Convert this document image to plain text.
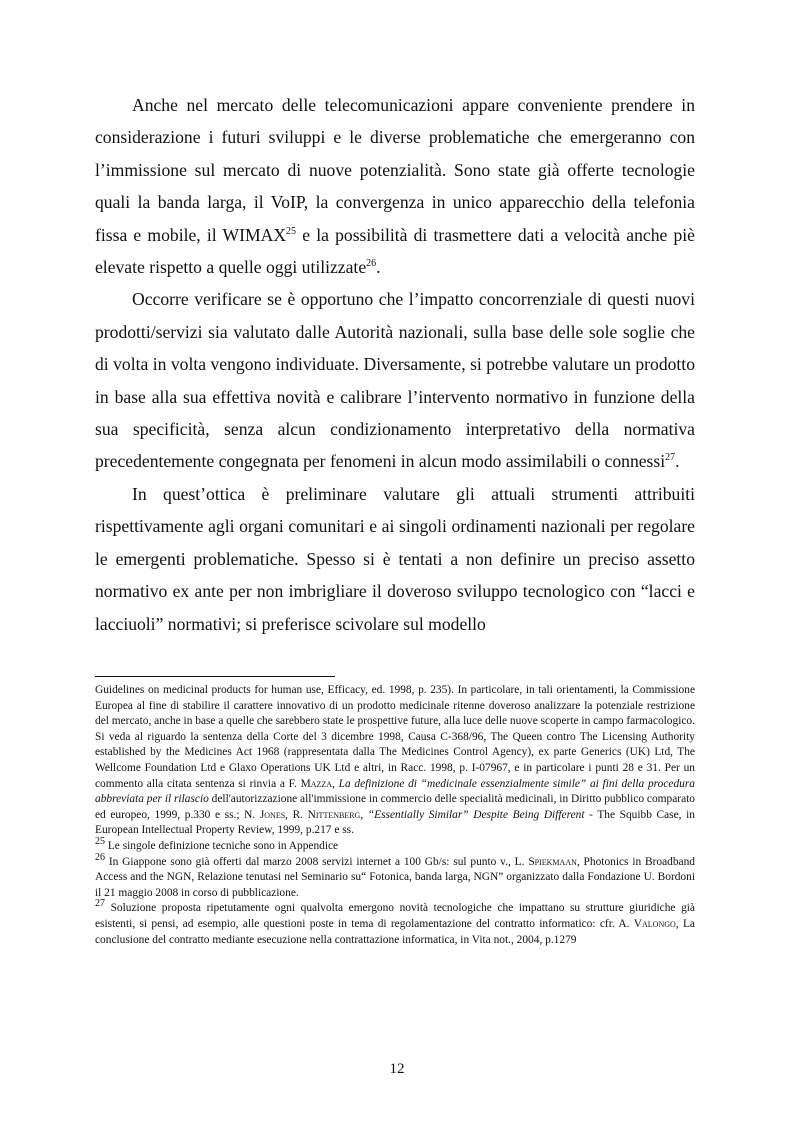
Anche nel mercato delle telecomunicazioni appare conveniente prendere in considerazione i futuri sviluppi e le diverse problematiche che emergeranno con l’immissione sul mercato di nuove potenzialità. Sono state già offerte tecnologie quali la banda larga, il VoIP, la convergenza in unico apparecchio della telefonia fissa e mobile, il WIMAX$^{25}$ e la possibilità di trasmettere dati a velocità anche piè elevate rispetto a quelle oggi utilizzate$^{26}$.

Occorre verificare se è opportuno che l’impatto concorrenziale di questi nuovi prodotti/servizi sia valutato dalle Autorità nazionali, sulla base delle sole soglie che di volta in volta vengono individuate. Diversamente, si potrebbe valutare un prodotto in base alla sua effettiva novità e calibrare l’intervento normativo in funzione della sua specificità, senza alcun condizionamento interpretativo della normativa precedentemente congegnata per fenomeni in alcun modo assimilabili o connessi$^{27}$.

In quest’ottica è preliminare valutare gli attuali strumenti attribuiti rispettivamente agli organi comunitari e ai singoli ordinamenti nazionali per regolare le emergenti problematiche. Spesso si è tentati a non definire un preciso assetto normativo ex ante per non imbrigliare il doveroso sviluppo tecnologico con “lacci e lacciuoli” normativi; si preferisce scivolare sul modello

Guidelines on medicinal products for human use, Efficacy, ed. 1998, p. 235). In particolare, in tali orientamenti, la Commissione Europea al fine di stabilire il carattere innovativo di un prodotto medicinale ritenne doveroso analizzare la potenziale restrizione del mercato, anche in base a quelle che sarebbero state le prospettive future, alla luce delle nuove scoperte in campo farmacologico.

Si veda al riguardo la sentenza della Corte del 3 dicembre 1998, Causa C-368/96, The Queen contro The Licensing Authority established by the Medicines Act 1968 (rappresentata dalla The Medicines Control Agency), ex parte Generics (UK) Ltd, The Wellcome Foundation Ltd e Glaxo Operations UK Ltd e altri, in Racc. 1998, p. I-07967, e in particolare i punti 28 e 31. Per un commento alla citata sentenza si rinvia a F. Mazza, La definizione di “medicinale essenzialmente simile” ai fini della procedura abbreviata per il rilascio dell'autorizzazione all'immissione in commercio delle specialità medicinali, in Diritto pubblico comparato ed europeo, 1999, p.330 e ss.; N. Jones, R. Nittenberg, “Essentially Similar” Despite Being Different - The Squibb Case, in European Intellectual Property Review, 1999, p.217 e ss.

$^{25}$ Le singole definizione tecniche sono in Appendice

$^{26}$ In Giappone sono già offerti dal marzo 2008 servizi internet a 100 Gb/s: sul punto v., L. Spiekmaan, Photonics in Broadband Access and the NGN, Relazione tenutasi nel Seminario su“ Fotonica, banda larga, NGN” organizzato dalla Fondazione U. Bordoni il 21 maggio 2008 in corso di pubblicazione.

$^{27}$ Soluzione proposta ripetutamente ogni qualvolta emergono novità tecnologiche che impattano su strutture giuridiche già esistenti, si pensi, ad esempio, alle questioni poste in tema di regolamentazione del contratto informatico: cfr. A. Valongo, La conclusione del contratto mediante esecuzione nella contrattazione informatica, in Vita not., 2004, p.1279

12
